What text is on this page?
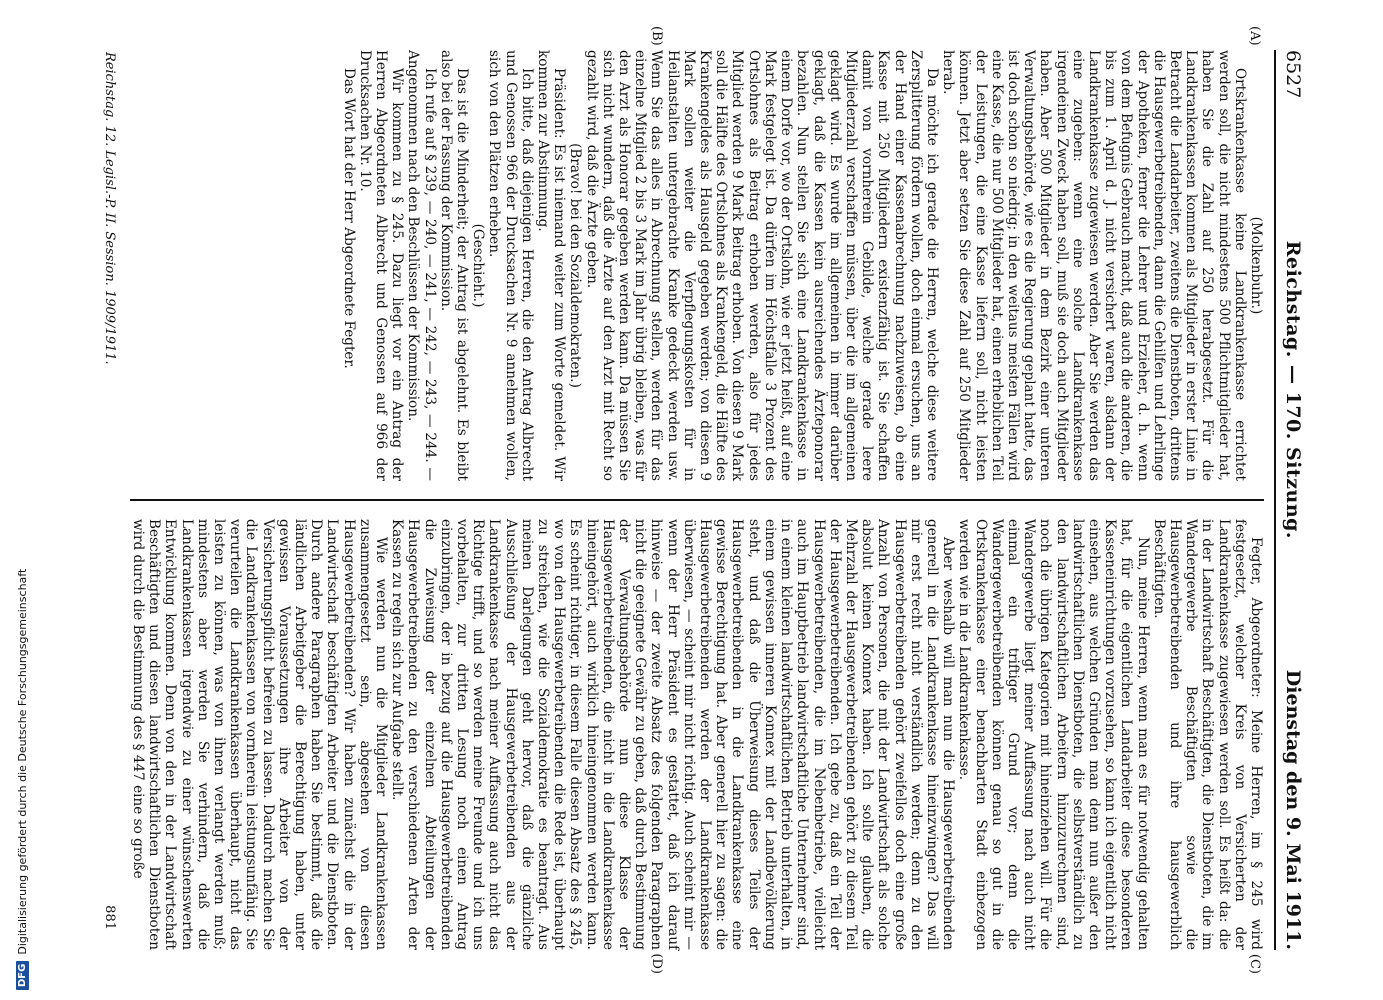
6527
Reichstag. — 170. Sitzung.
Dienstag den 9. Mai 1911.
(A)
(B)
(C)
(D)

(Molkenbuhr.)

Ortskrankenkasse keine Landkrankenkasse errichtet werden soll, die nicht mindestens 500 Pflichtmitglieder hat, haben Sie die Zahl auf 250 herabgesetzt. Für die Landkrankenkassen kommen als Mitglieder in erster Linie in Betracht die Landarbeiter, zweitens die Dienstboten, drittens die Hausgewerbetreibenden, dann die Gehilfen und Lehrlinge der Apotheken, ferner die Lehrer und Erzieher, d. h. wenn von dem Befugnis Gebrauch macht, daß auch die anderen, die bis zum 1. April d. J. nicht versichert waren, alsdann der Landkrankenkasse zugewiesen werden. Aber Sie werden das eine zugeben: wenn eine solche Landkrankenkasse irgendeinen Zweck haben soll, muß sie doch auch Mitglieder haben. Aber 500 Mitglieder in dem Bezirk einer unteren Verwaltungsbehörde, wie es die Regierung geplant hatte, das ist doch schon so niedrig; in den weitaus meisten Fällen wird eine Kasse, die nur 500 Mitglieder hat, einen erheblichen Teil der Leistungen, die eine Kasse liefern soll, nicht leisten können. Jetzt aber setzen Sie diese Zahl auf 250 Mitglieder herab.

Da möchte ich gerade die Herren, welche diese weitere Zersplitterung fördern wollen, doch einmal ersuchen, uns an der Hand einer Kassenabrechnung nachzuweisen, ob eine Kasse mit 250 Mitgliedern existenzfähig ist. Sie schaffen damit von vornherein Gebilde, welche gerade leere Mitgliederzahl verschaffen müssen, über die im allgemeinen geklagt wird. Es wurde im allgemeinen in immer darüber geklagt, daß die Kassen kein ausreichendes Ärzteponorar bezahlen. Nun stellen Sie sich eine Landkrankenkasse in einem Dorfe vor, wo der Ortslohn, wie er jetzt heißt, auf eine Mark festgelegt ist. Da dürfen im Höchstfalle 3 Prozent des Ortslohnes als Beitrag erhoben werden, also für jedes Mitglied werden 9 Mark Beitrag erhoben. Von diesen 9 Mark soll die Hälfte des Ortslohnes als Krankengeld, die Hälfte des Krankengeldes als Hausgeld gegeben werden; von diesen 9 Mark sollen weiter die Verpflegungskosten für in Heilanstalten untergebrachte Kranke gedeckt werden usw. Wenn Sie das alles in Abrechnung stellen, werden für das einzelne Mitglied 2 bis 3 Mark im Jahr übrig bleiben, was für den Arzt als Honorar gegeben werden kann. Da müssen Sie sich nicht wundern, daß die Ärzte auf den Arzt mit Recht so gezahlt wird, daß die Ärzte geben.

(Bravo! bei den Sozialdemokraten.)

Präsident: Es ist niemand weiter zum Worte gemeldet. Wir kommen zur Abstimmung.

Ich bitte, daß diejenigen Herren, die den Antrag Albrecht und Genossen 966 der Drucksachen Nr. 9 annehmen wollen, sich von den Plätzen erheben.

(Geschieht.)

Das ist die Minderheit; der Antrag ist abgelehnt. Es bleibt also bei der Fassung der Kommission.

Ich rufe auf § 239, — 240, — 241, — 242, — 243, — 244. — Angenommen nach den Beschlüssen der Kommission.

Wir kommen zu § 245. Dazu liegt vor ein Antrag der Herren Abgeordneten Albrecht und Genossen auf 966 der Drucksachen Nr. 10.

Das Wort hat der Herr Abgeordnete Fegter.

Fegter, Abgeordneter: Meine Herren, im § 245 wird festgesetzt, welcher Kreis von Versicherten der Landkrankenkasse zugewiesen werden soll. Es heißt da: die in der Landwirtschaft Beschäftigten, die Dienstboten, die im Wandergewerbe Beschäftigten sowie die Hausgewerbetreibenden und ihre hausgewerblich Beschäftigten.

Nun, meine Herren, wenn man es für notwendig gehalten hat, für die eigentlichen Landarbeiter diese besonderen Kasseneinrichtungen vorzusehen, so kann ich eigentlich nicht einsehen, aus welchen Gründen man denn nun außer den landwirtschaftlichen Dienstboten, die selbstverständlich zu den landwirtschaftlichen Arbeitern hinzuzurechnen sind, noch die übrigen Kategorien mit hineinziehen will. Für die Wandergewerbe liegt meiner Auffassung nach auch nicht einmal ein triftiger Grund vor; denn die Wandergewerbetreibenden können genau so gut in die Ortskrankenkasse einer benachbarten Stadt einbezogen werden wie in die Landkrankenkasse.

Aber weshalb will man nun die Hausgewerbetreibenden generell in die Landkrankenkasse hineinzwingen? Das will mir erst recht nicht verständlich werden; denn zu den Hausgewerbetreibenden gehört zweifellos doch eine große Anzahl von Personen, die mit der Landwirtschaft als solche absolut keinen Konnex haben. Ich sollte glauben, die Mehrzahl der Hausgewerbetreibenden gehört zu diesem Teil der Hausgewerbetreibenden. Ich gebe zu, daß ein Teil der Hausgewerbetreibenden, die im Nebenbetriebe, vielleicht auch im Hauptbetrieb landwirtschaftliche Unternehmer sind, in einem kleinen landwirtschaftlichen Betrieb unterhalten, in einem gewissen inneren Konnex mit der Landbevölkerung steht, und daß die Überweisung dieses Teiles der Hausgewerbetreibenden in die Landkrankenkasse eine gewisse Berechtigung hat. Aber generell hier zu sagen: die Hausgewerbetreibenden werden der Landkrankenkasse überwiesen, — scheint mir nicht richtig. Auch scheint mir — wenn der Herr Präsident es gestattet, daß ich darauf hinweise — der zweite Absatz des folgenden Paragraphen nicht die geeignete Gewähr zu geben, daß durch Bestimmung der Verwaltungsbehörde nun diese Klasse der Hausgewerbetreibenden, die nicht in die Landkrankenkasse hineingehört, auch wirklich hineingenommen werden kann. Es scheint richtiger, in diesem Falle diesen Absatz des § 245, wo von den Hausgewerbetreibenden die Rede ist, überhaupt zu streichen, wie die Sozialdemokratie es beantragt. Aus meinen Darlegungen geht hervor, daß die gänzliche Ausschließung der Hausgewerbetreibenden aus der Landkrankenkasse nach meiner Auffassung auch nicht das Richtige trifft, und so werden meine Freunde und ich uns vorbehalten, zur dritten Lesung noch einen Antrag einzubringen, der in bezug auf die Hausgewerbetreibenden die Zuweisung der einzelnen Abteilungen der Hausgewerbetreibenden zu den verschiedenen Arten der Kassen zu regeln sich zur Aufgabe stellt.

Wie werden nun die Mitglieder Landkrankenkassen zusammengesetzt sein, abgesehen von diesen Hausgewerbetreibenden? Wir haben zunächst die in der Landwirtschaft beschäftigten Arbeiter und die Dienstboten. Durch andere Paragraphen haben Sie bestimmt, daß die ländlichen Arbeitgeber die Berechtigung haben, unter gewissen Voraussetzungen ihre Arbeiter von der Versicherungspflicht befreien zu lassen. Dadurch machen Sie die Landkrankenkassen von vornherein leistungsunfähig. Sie verurteilen die Landkrankenkassen überhaupt, nicht das leisten zu können, was von ihnen verlangt werden muß; mindestens aber werden Sie verhindern, daß die Landkrankenkassen irgendwie zu einer wünschenswerten Entwicklung kommen. Denn von den in der Landwirtschaft Beschäftigten und diesen landwirtschaftlichen Dienstboten wird durch die Bestimmung des § 447 eine so große

Reichstag. 12. Legisl.-P. II. Session. 1909/1911.
881
DFG
Digitalisierung gefördert durch die Deutsche Forschungsgemeinschaft
